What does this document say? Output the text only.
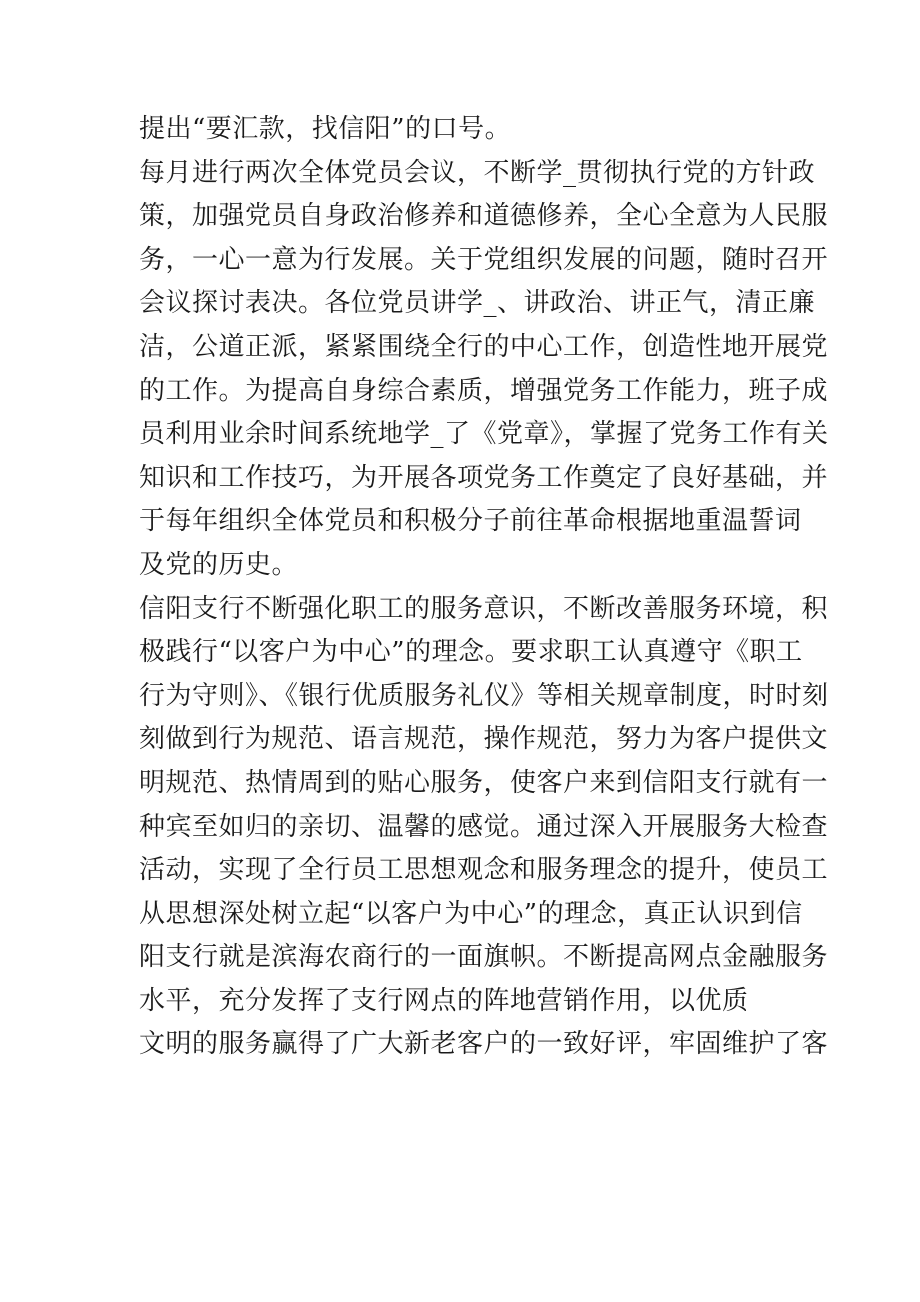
提出“要汇款，找信阳”的口号。
每月进行两次全体党员会议，不断学_贯彻执行党的方针政
策，加强党员自身政治修养和道德修养，全心全意为人民服
务，一心一意为行发展。关于党组织发展的问题，随时召开
会议探讨表决。各位党员讲学_、讲政治、讲正气，清正廉
洁，公道正派，紧紧围绕全行的中心工作，创造性地开展党
的工作。为提高自身综合素质，增强党务工作能力，班子成
员利用业余时间系统地学_了《党章》，掌握了党务工作有关
知识和工作技巧，为开展各项党务工作奠定了良好基础，并
于每年组织全体党员和积极分子前往革命根据地重温誓词
及党的历史。
信阳支行不断强化职工的服务意识，不断改善服务环境，积
极践行“以客户为中心”的理念。要求职工认真遵守《职工
行为守则》、《银行优质服务礼仪》等相关规章制度，时时刻
刻做到行为规范、语言规范，操作规范，努力为客户提供文
明规范、热情周到的贴心服务，使客户来到信阳支行就有一
种宾至如归的亲切、温馨的感觉。通过深入开展服务大检查
活动，实现了全行员工思想观念和服务理念的提升，使员工
从思想深处树立起“以客户为中心”的理念，真正认识到信
阳支行就是滨海农商行的一面旗帜。不断提高网点金融服务
水平，充分发挥了支行网点的阵地营销作用，以优质
文明的服务赢得了广大新老客户的一致好评，牢固维护了客
